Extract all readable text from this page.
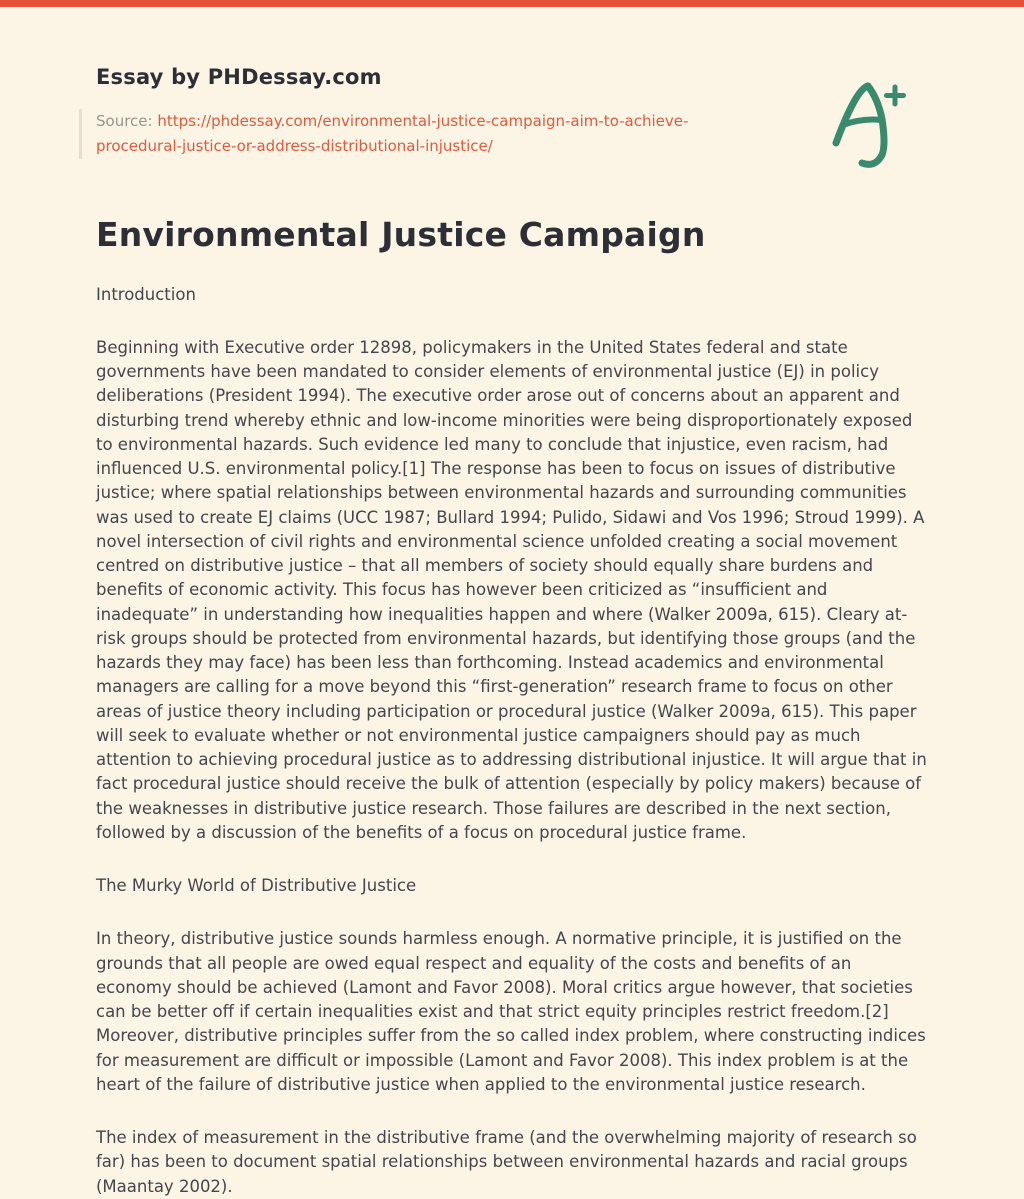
Essay by PHDessay.com
Source: https://phdessay.com/environmental-justice-campaign-aim-to-achieve-procedural-justice-or-address-distributional-injustice/
Environmental Justice Campaign

Introduction

Beginning with Executive order 12898, policymakers in the United States federal and state governments have been mandated to consider elements of environmental justice (EJ) in policy deliberations (President 1994). The executive order arose out of concerns about an apparent and disturbing trend whereby ethnic and low-income minorities were being disproportionately exposed to environmental hazards. Such evidence led many to conclude that injustice, even racism, had influenced U.S. environmental policy.[1] The response has been to focus on issues of distributive justice; where spatial relationships between environmental hazards and surrounding communities was used to create EJ claims (UCC 1987; Bullard 1994; Pulido, Sidawi and Vos 1996; Stroud 1999). A novel intersection of civil rights and environmental science unfolded creating a social movement centred on distributive justice – that all members of society should equally share burdens and benefits of economic activity. This focus has however been criticized as “insufficient and inadequate” in understanding how inequalities happen and where (Walker 2009a, 615). Cleary at-risk groups should be protected from environmental hazards, but identifying those groups (and the hazards they may face) has been less than forthcoming. Instead academics and environmental managers are calling for a move beyond this “first-generation” research frame to focus on other areas of justice theory including participation or procedural justice (Walker 2009a, 615). This paper will seek to evaluate whether or not environmental justice campaigners should pay as much attention to achieving procedural justice as to addressing distributional injustice. It will argue that in fact procedural justice should receive the bulk of attention (especially by policy makers) because of the weaknesses in distributive justice research. Those failures are described in the next section, followed by a discussion of the benefits of a focus on procedural justice frame.

The Murky World of Distributive Justice

In theory, distributive justice sounds harmless enough. A normative principle, it is justified on the grounds that all people are owed equal respect and equality of the costs and benefits of an economy should be achieved (Lamont and Favor 2008). Moral critics argue however, that societies can be better off if certain inequalities exist and that strict equity principles restrict freedom.[2] Moreover, distributive principles suffer from the so called index problem, where constructing indices for measurement are difficult or impossible (Lamont and Favor 2008). This index problem is at the heart of the failure of distributive justice when applied to the environmental justice research.

The index of measurement in the distributive frame (and the overwhelming majority of research so far) has been to document spatial relationships between environmental hazards and racial groups (Maantay 2002).
